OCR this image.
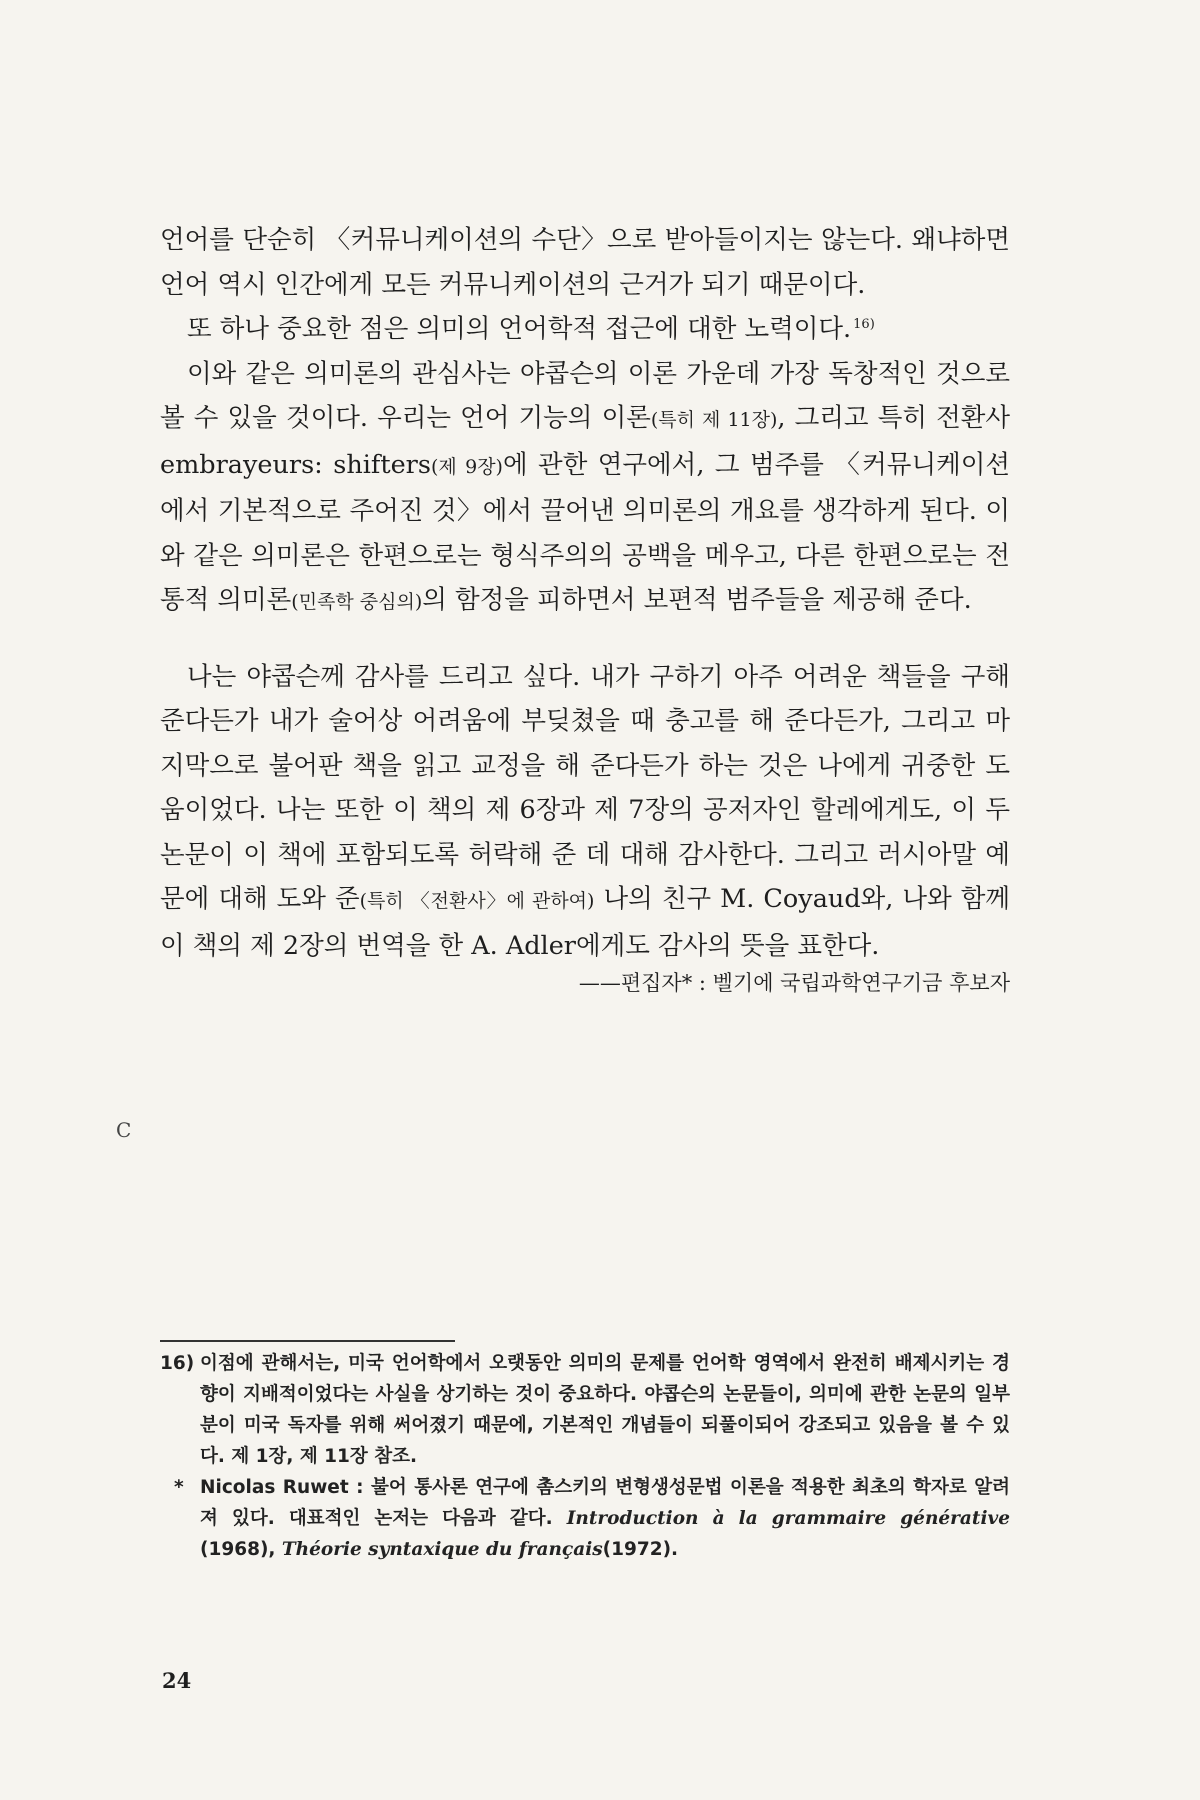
언어를 단순히 〈커뮤니케이션의 수단〉으로 받아들이지는 않는다. 왜냐하면 언어 역시 인간에게 모든 커뮤니케이션의 근거가 되기 때문이다.

또 하나 중요한 점은 의미의 언어학적 접근에 대한 노력이다. $^{16)}$

이와 같은 의미론의 관심사는 야콥슨의 이론 가운데 가장 독창적인 것으로 볼 수 있을 것이다. 우리는 언어 기능의 이론(특히 제 11장), 그리고 특히 전환사 embrayeurs: shifters(제 9장)에 관한 연구에서, 그 범주를 〈커뮤니케이션에서 기본적으로 주어진 것〉에서 끌어낸 의미론의 개요를 생각하게 된다. 이와 같은 의미론은 한편으로는 형식주의의 공백을 메우고, 다른 한편으로는 전통적 의미론(민족학 중심의)의 함정을 피하면서 보편적 범주들을 제공해 준다.

나는 야콥슨께 감사를 드리고 싶다. 내가 구하기 아주 어려운 책들을 구해 준다든가 내가 술어상 어려움에 부딪쳤을 때 충고를 해 준다든가, 그리고 마지막으로 불어판 책을 읽고 교정을 해 준다든가 하는 것은 나에게 귀중한 도움이었다. 나는 또한 이 책의 제 6장과 제 7장의 공저자인 할레에게도, 이 두 논문이 이 책에 포함되도록 허락해 준 데 대해 감사한다. 그리고 러시아말 예문에 대해 도와 준(특히 〈전환사〉에 관하여) 나의 친구 M. Coyaud와, 나와 함께 이 책의 제 2장의 번역을 한 A. Adler에게도 감사의 뜻을 표한다.

——편집자* : 벨기에 국립과학연구기금 후보자

C

16) 이점에 관해서는, 미국 언어학에서 오랫동안 의미의 문제를 언어학 영역에서 완전히 배제시키는 경향이 지배적이었다는 사실을 상기하는 것이 중요하다. 야콥슨의 논문들이, 의미에 관한 논문의 일부분이 미국 독자를 위해 써어졌기 때문에, 기본적인 개념들이 되풀이되어 강조되고 있음을 볼 수 있다. 제 1장, 제 11장 참조.

* Nicolas Ruwet : 불어 통사론 연구에 촘스키의 변형생성문법 이론을 적용한 최초의 학자로 알려져 있다. 대표적인 논저는 다음과 같다. Introduction à la grammaire générative (1968), Théorie syntaxique du français(1972).

24
